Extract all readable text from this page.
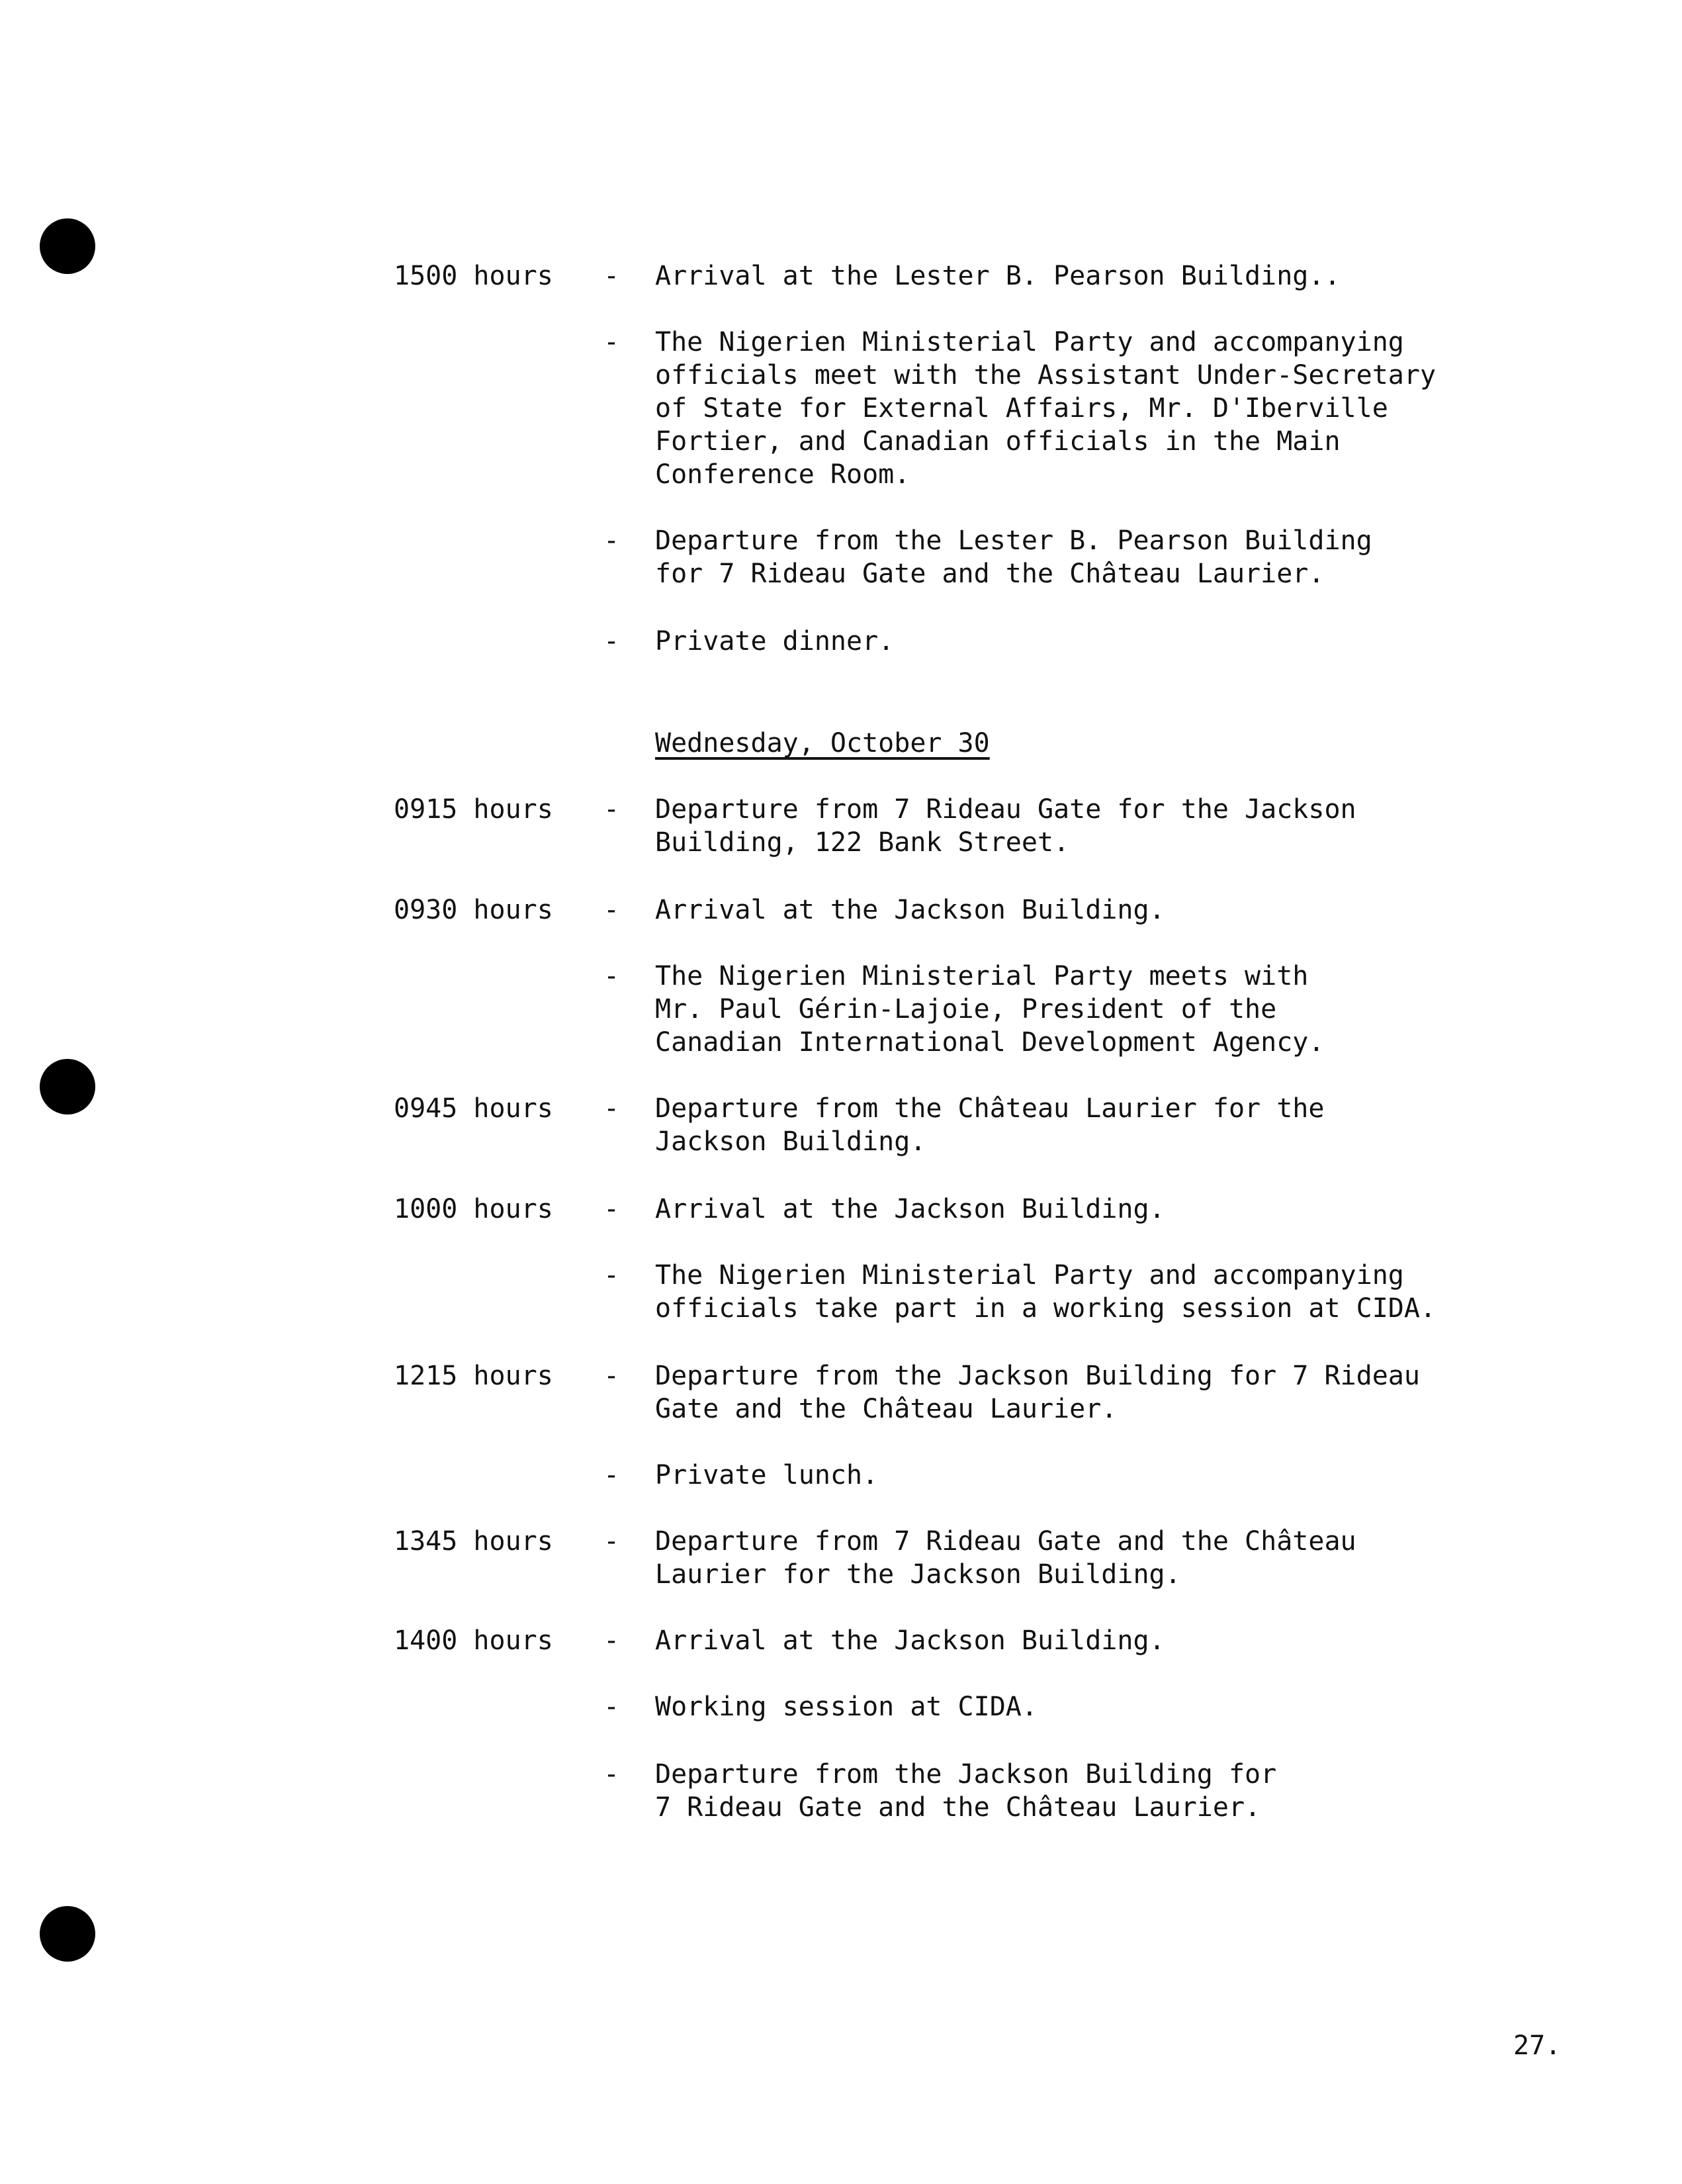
1500 hours - Arrival at the Lester B. Pearson Building..
- The Nigerien Ministerial Party and accompanying
officials meet with the Assistant Under-Secretary
of State for External Affairs, Mr. D'Iberville
Fortier, and Canadian officials in the Main
Conference Room.
- Departure from the Lester B. Pearson Building
for 7 Rideau Gate and the Château Laurier.
- Private dinner.
Wednesday, October 30
0915 hours - Departure from 7 Rideau Gate for the Jackson
Building, 122 Bank Street.
0930 hours - Arrival at the Jackson Building.
- The Nigerien Ministerial Party meets with
Mr. Paul Gérin-Lajoie, President of the
Canadian International Development Agency.
0945 hours - Departure from the Château Laurier for the
Jackson Building.
1000 hours - Arrival at the Jackson Building.
- The Nigerien Ministerial Party and accompanying
officials take part in a working session at CIDA.
1215 hours - Departure from the Jackson Building for 7 Rideau
Gate and the Château Laurier.
- Private lunch.
1345 hours - Departure from 7 Rideau Gate and the Château
Laurier for the Jackson Building.
1400 hours - Arrival at the Jackson Building.
- Working session at CIDA.
- Departure from the Jackson Building for
7 Rideau Gate and the Château Laurier.
27.
